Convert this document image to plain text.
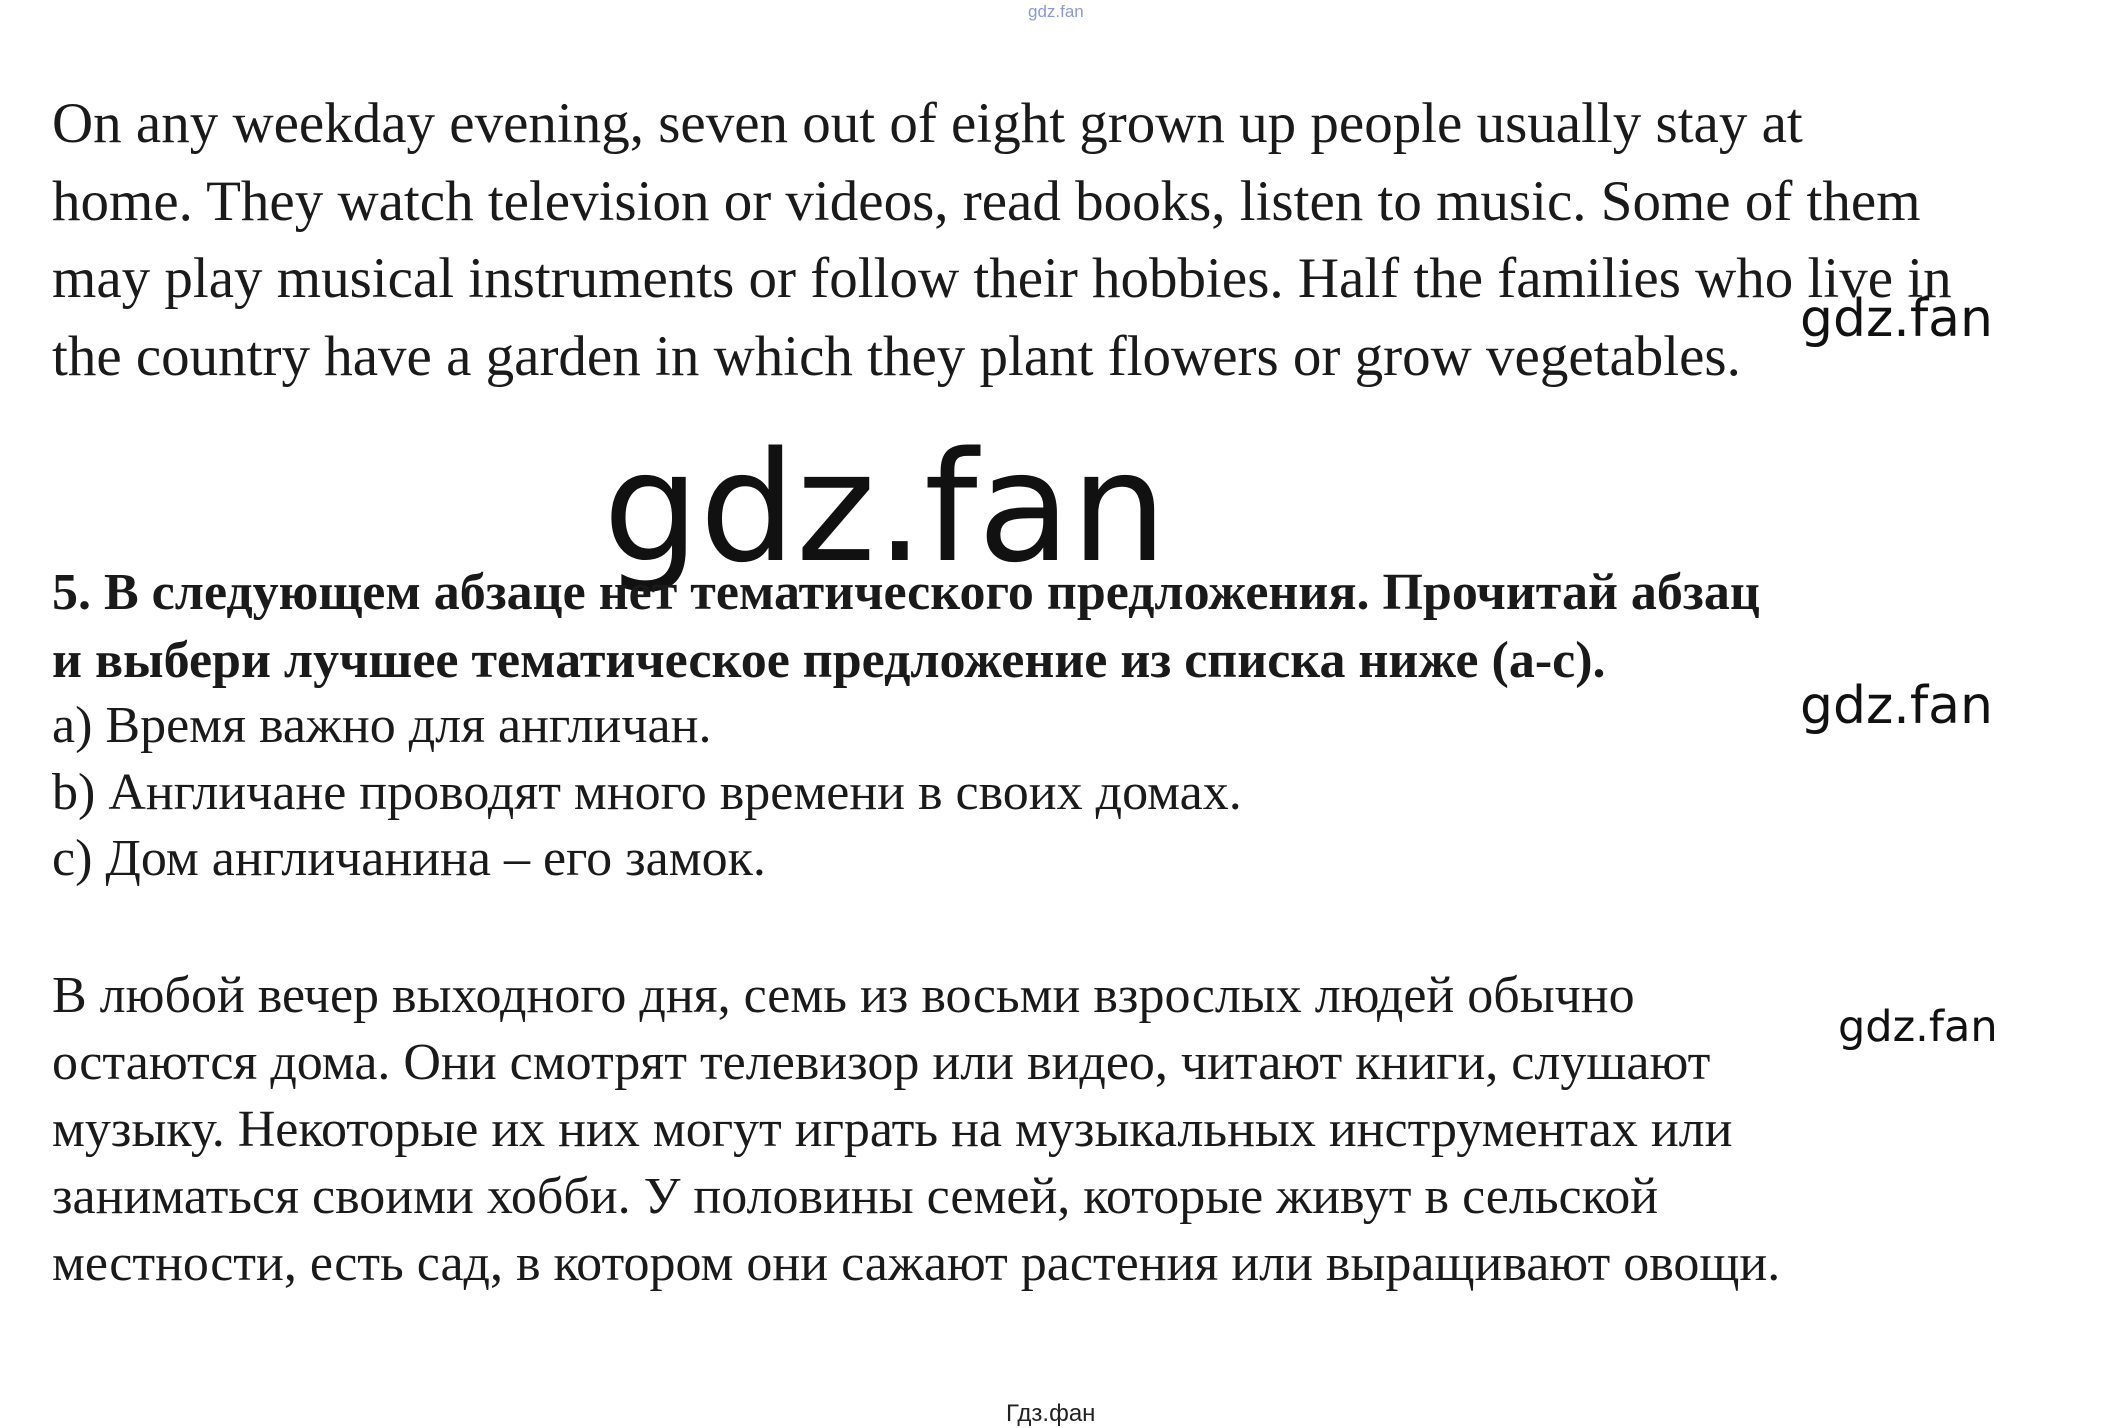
gdz.fan

On any weekday evening, seven out of eight grown up people usually stay at
home. They watch television or videos, read books, listen to music. Some of them
may play musical instruments or follow their hobbies. Half the families who live in
the country have a garden in which they plant flowers or grow vegetables.

gdz.fan
gdz.fan

5. В следующем абзаце нет тематического предложения. Прочитай абзац
и выбери лучшее тематическое предложение из списка ниже (a-c).

gdz.fan
a) Время важно для англичан.
b) Англичане проводят много времени в своих домах.
c) Дом англичанина – его замок.

В любой вечер выходного дня, семь из восьми взрослых людей обычно
остаются дома. Они смотрят телевизор или видео, читают книги, слушают
музыку. Некоторые их них могут играть на музыкальных инструментах или
заниматься своими хобби. У половины семей, которые живут в сельской
местности, есть сад, в котором они сажают растения или выращивают овощи.

gdz.fan
Гдз.фан
